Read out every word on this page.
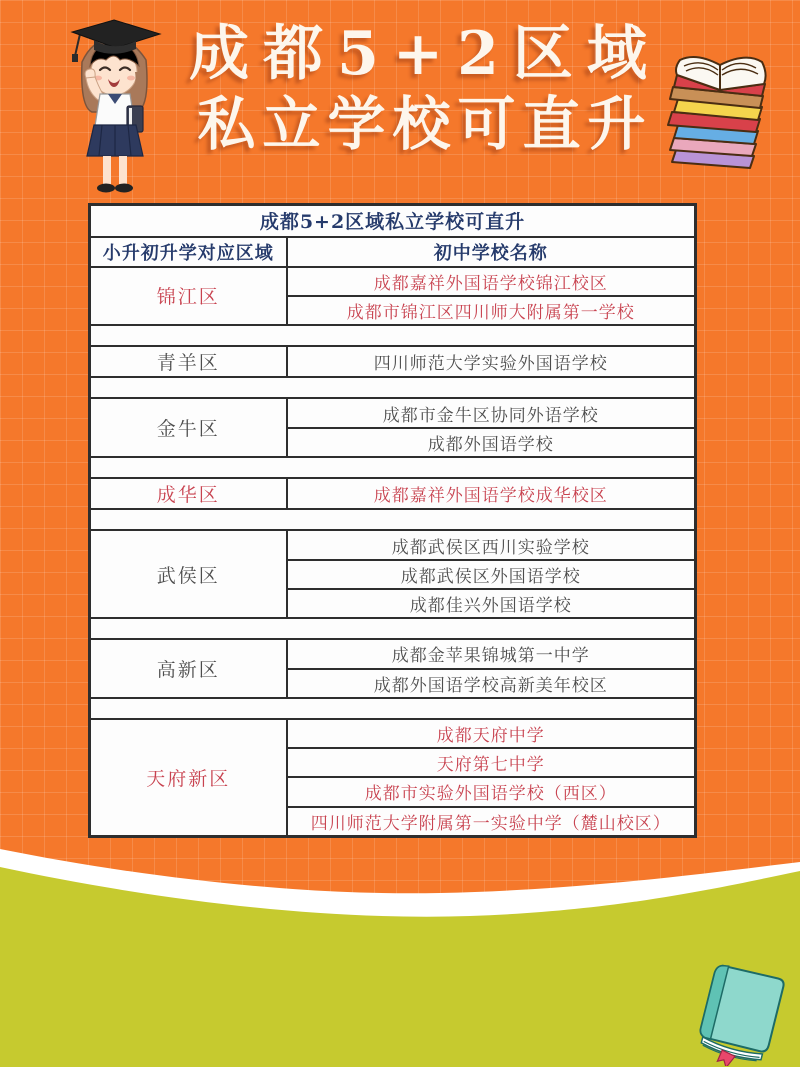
成都5+2区域
私立学校可直升
成都5+2区域私立学校可直升	
小升初升学对应区域	初中学校名称
锦江区	成都嘉祥外国语学校锦江校区
	成都市锦江区四川师大附属第一学校

青羊区	四川师范大学实验外国语学校

金牛区	成都市金牛区协同外语学校
	成都外国语学校

成华区	成都嘉祥外国语学校成华校区

武侯区	成都武侯区西川实验学校
	成都武侯区外国语学校
	成都佳兴外国语学校

高新区	成都金苹果锦城第一中学
	成都外国语学校高新美年校区

天府新区	成都天府中学
	天府第七中学
	成都市实验外国语学校（西区）
	四川师范大学附属第一实验中学（麓山校区）
